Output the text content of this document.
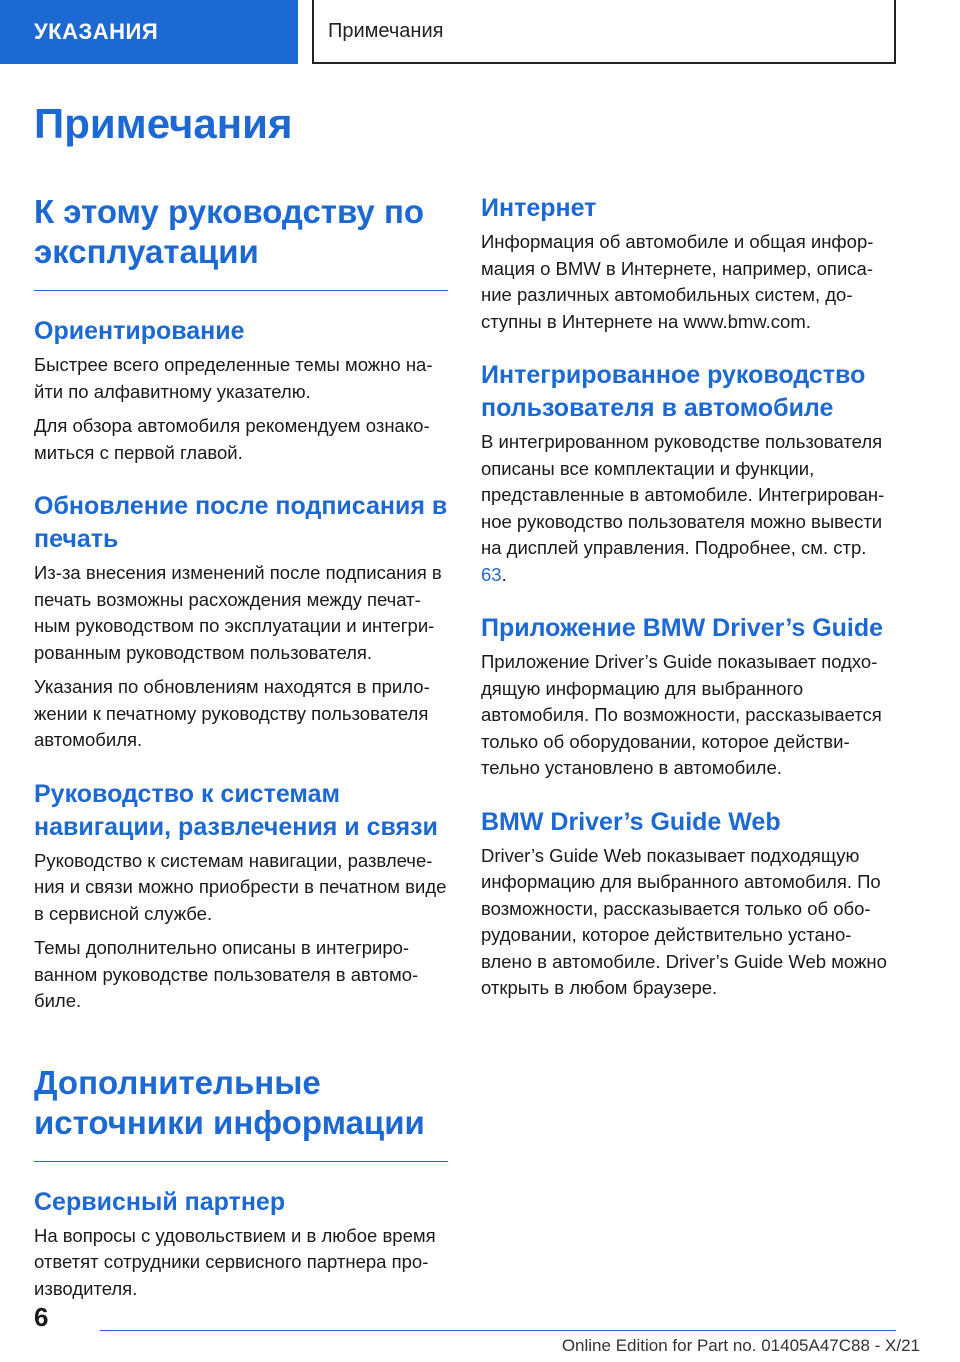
УКАЗАНИЯ	Примечания
Примечания
К этому руководству по эксплуатации
Ориентирование

Быстрее всего определенные темы можно найти по алфавитному указателю.

Для обзора автомобиля рекомендуем ознакомиться с первой главой.

Обновление после подписания в печать

Из-за внесения изменений после подписания в печать возможны расхождения между печатным руководством по эксплуатации и интегрированным руководством пользователя.

Указания по обновлениям находятся в приложении к печатному руководству пользователя автомобиля.

Руководство к системам навигации, развлечения и связи

Руководство к системам навигации, развлечения и связи можно приобрести в печатном виде в сервисной службе.

Темы дополнительно описаны в интегрированном руководстве пользователя в автомобиле.

Дополнительные источники информации
Сервисный партнер

На вопросы с удовольствием и в любое время ответят сотрудники сервисного партнера производителя.

Интернет

Информация об автомобиле и общая информация о BMW в Интернете, например, описание различных автомобильных систем, доступны в Интернете на www.bmw.com.

Интегрированное руководство пользователя в автомобиле

В интегрированном руководстве пользователя описаны все комплектации и функции, представленные в автомобиле. Интегрированное руководство пользователя можно вывести на дисплей управления. Подробнее, см. стр. 63.

Приложение BMW Driver’s Guide

Приложение Driver’s Guide показывает подходящую информацию для выбранного автомобиля. По возможности, рассказывается только об оборудовании, которое действительно установлено в автомобиле.

BMW Driver’s Guide Web

Driver’s Guide Web показывает подходящую информацию для выбранного автомобиля. По возможности, рассказывается только об оборудовании, которое действительно установлено в автомобиле. Driver’s Guide Web можно открыть в любом браузере.

6
Online Edition for Part no. 01405A47C88 - X/21
